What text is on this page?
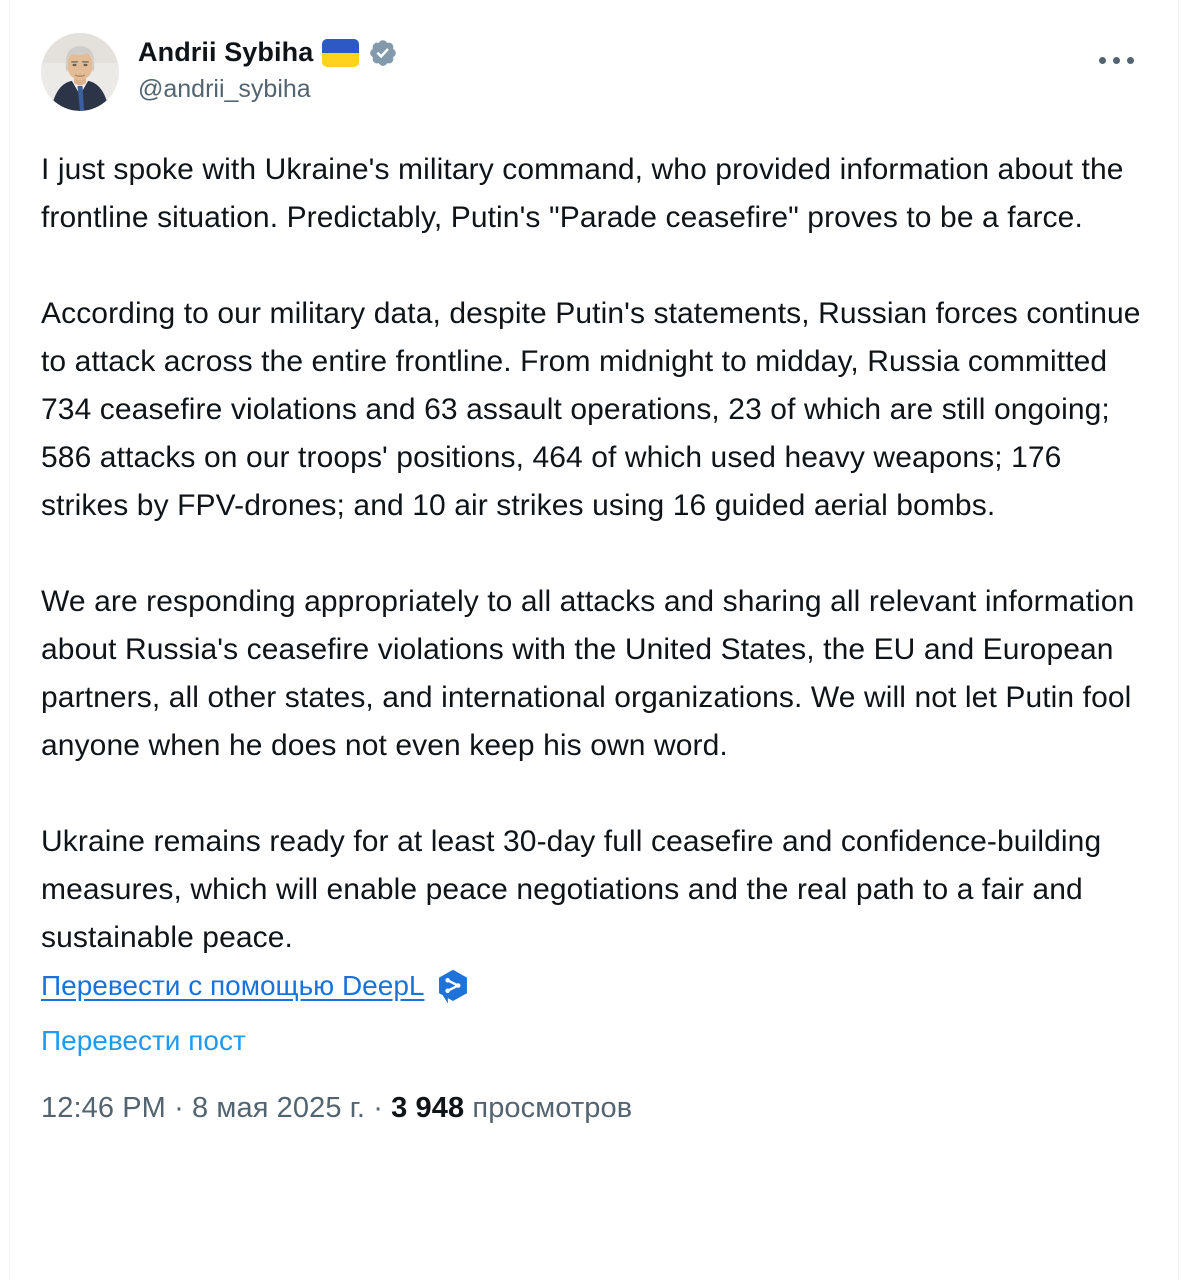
Andrii Sybiha
@andrii_sybiha

I just spoke with Ukraine's military command, who provided information about the frontline situation. Predictably, Putin's "Parade ceasefire" proves to be a farce.

According to our military data, despite Putin's statements, Russian forces continue to attack across the entire frontline. From midnight to midday, Russia committed 734 ceasefire violations and 63 assault operations, 23 of which are still ongoing; 586 attacks on our troops' positions, 464 of which used heavy weapons; 176 strikes by FPV-drones; and 10 air strikes using 16 guided aerial bombs.

We are responding appropriately to all attacks and sharing all relevant information about Russia's ceasefire violations with the United States, the EU and European partners, all other states, and international organizations. We will not let Putin fool anyone when he does not even keep his own word.

Ukraine remains ready for at least 30-day full ceasefire and confidence-building measures, which will enable peace negotiations and the real path to a fair and sustainable peace.

Перевести с помощью DeepL
Перевести пост
12:46 PM · 8 мая 2025 г. · 3 948 просмотров
